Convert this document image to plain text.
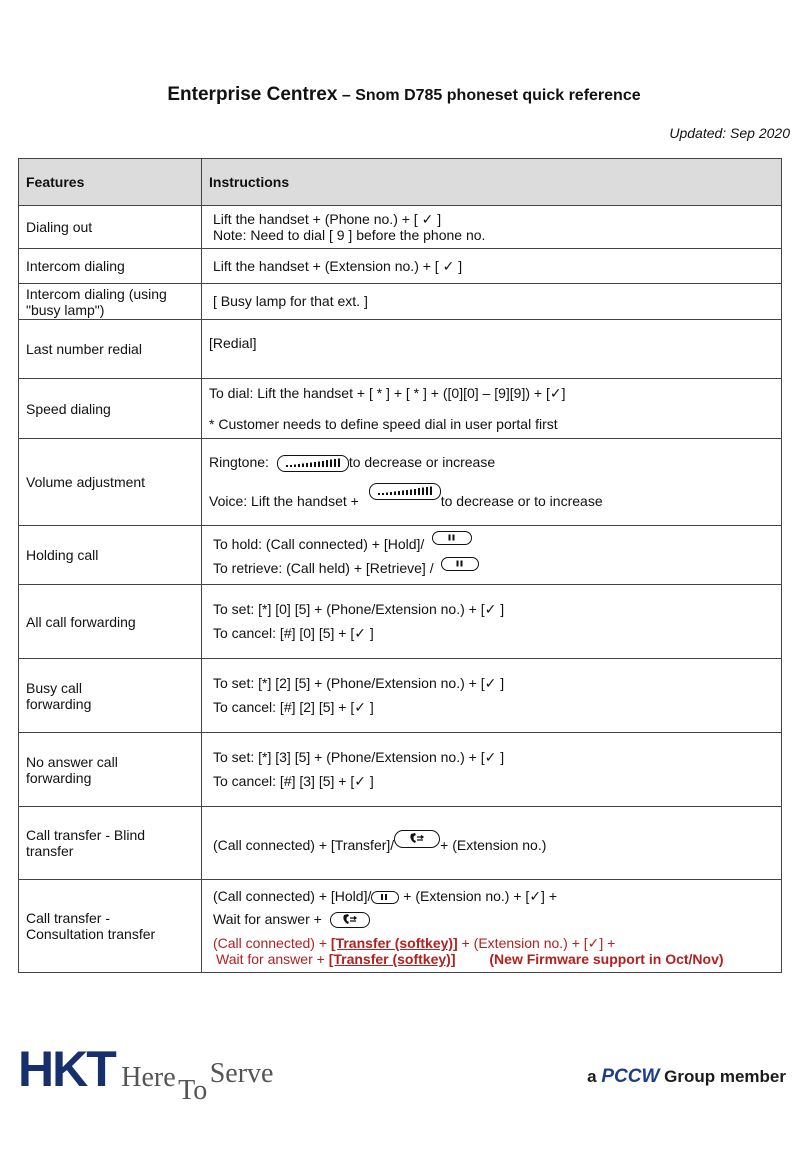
Enterprise Centrex – Snom D785 phoneset quick reference
Updated: Sep 2020
Features	Instructions
Dialing out	Lift the handset + (Phone no.) + [ ✓ ]
Note: Need to dial [ 9 ] before the phone no.

Intercom dialing	Lift the handset + (Extension no.) + [ ✓ ]

Intercom dialing (using "busy lamp")	[ Busy lamp for that ext. ]

Last number redial	[Redial]

Speed dialing	To dial: Lift the handset + [ * ] + [ * ] + ([0][0] – [9][9]) + [✓]
* Customer needs to define speed dial in user portal first

Volume adjustment	Ringtone: to decrease or increase
Voice: Lift the handset + to decrease or to increase

Holding call	To hold: (Call connected) + [Hold]/
To retrieve: (Call held) + [Retrieve] /

All call forwarding	To set: [*] [0] [5] + (Phone/Extension no.) + [✓ ]
To cancel: [#] [0] [5] + [✓ ]

Busy call forwarding	To set: [*] [2] [5] + (Phone/Extension no.) + [✓ ]
To cancel: [#] [2] [5] + [✓ ]

No answer call forwarding	To set: [*] [3] [5] + (Phone/Extension no.) + [✓ ]
To cancel: [#] [3] [5] + [✓ ]

Call transfer - Blind transfer	(Call connected) + [Transfer]/ + (Extension no.)

Call transfer - Consultation transfer	(Call connected) + [Hold]/ + (Extension no.) + [✓] +
Wait for answer +
(Call connected) + [Transfer (softkey)] + (Extension no.) + [✓] +
Wait for answer + [Transfer (softkey)] (New Firmware support in Oct/Nov)
HKT Here To Serve	a PCCW Group member
